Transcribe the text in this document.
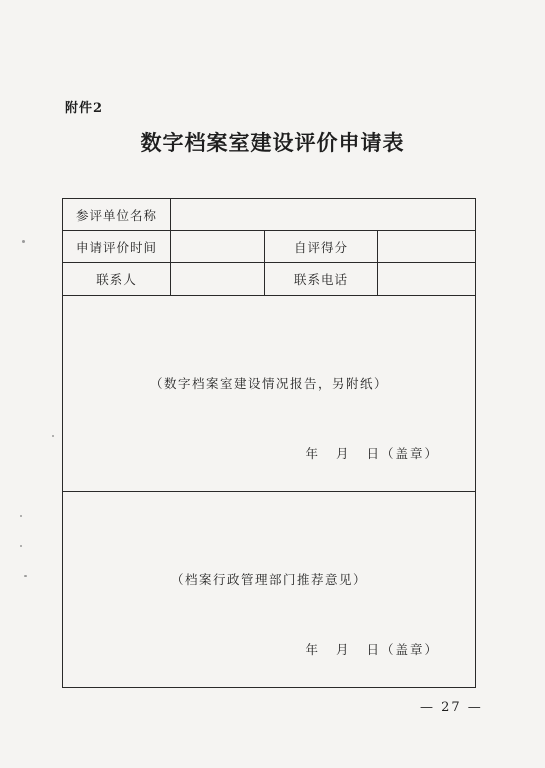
附件2
数字档案室建设评价申请表
参评单位名称
申请评价时间	自评得分
联系人	联系电话
（数字档案室建设情况报告，另附纸）
年 月 日（盖章）
（档案行政管理部门推荐意见）
年 月 日（盖章）
— 27 —
